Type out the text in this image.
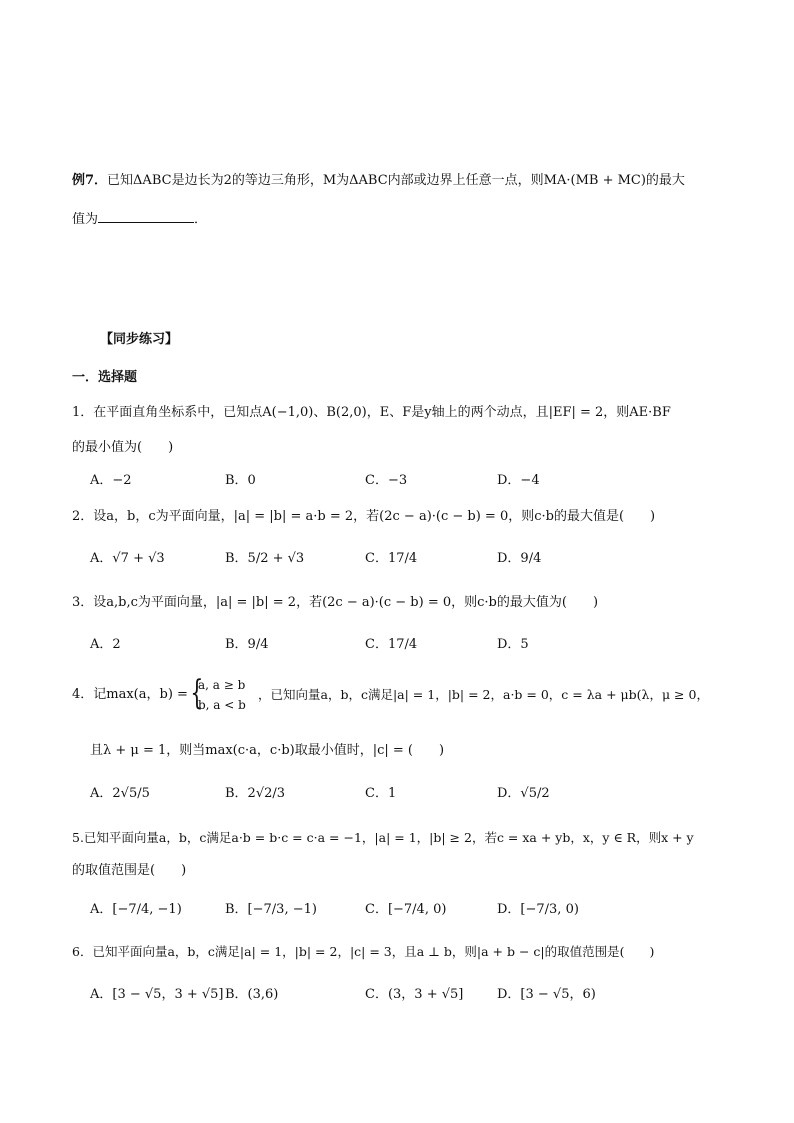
例7．已知ΔABC是边长为2的等边三角形，M为ΔABC内部或边界上任意一点，则MA·(MB + MC)的最大
值为	．
【同步练习】
一．选择题
1．在平面直角坐标系中，已知点A(−1,0)、B(2,0)，E、F是y轴上的两个动点，且|EF| = 2，则AE·BF
的最小值为(　　)
A．−2	B．0	C．−3	D．−4
2．设a，b，c为平面向量，|a| = |b| = a·b = 2，若(2c − a)·(c − b) = 0，则c·b的最大值是(　　)
A．√7 + √3	B．5/2 + √3	C．17/4	D．9/4
3．设a,b,c为平面向量，|a| = |b| = 2，若(2c − a)·(c − b) = 0，则c·b的最大值为(　　)
A．2	B．9/4	C．17/4	D．5
4．记max(a，b) = {
a, a ≥ b
b, a < b
，已知向量a，b，c满足|a| = 1，|b| = 2，a·b = 0，c = λa + μb(λ，μ ≥ 0，
且λ + μ = 1，则当max(c·a，c·b)取最小值时，|c| = (　　)
A．2√5/5	B．2√2/3	C．1	D．√5/2
5.已知平面向量a，b，c满足a·b = b·c = c·a = −1，|a| = 1，|b| ≥ 2，若c = xa + yb，x，y ∈ R，则x + y
的取值范围是(　　)
A．[−7/4, −1)	B．[−7/3, −1)	C．[−7/4, 0)	D．[−7/3, 0)
6．已知平面向量a，b，c满足|a| = 1，|b| = 2，|c| = 3，且a ⊥ b，则|a + b − c|的取值范围是(　　)
A．[3 − √5，3 + √5] B．(3,6)	C．(3，3 + √5]	D．[3 − √5，6)
